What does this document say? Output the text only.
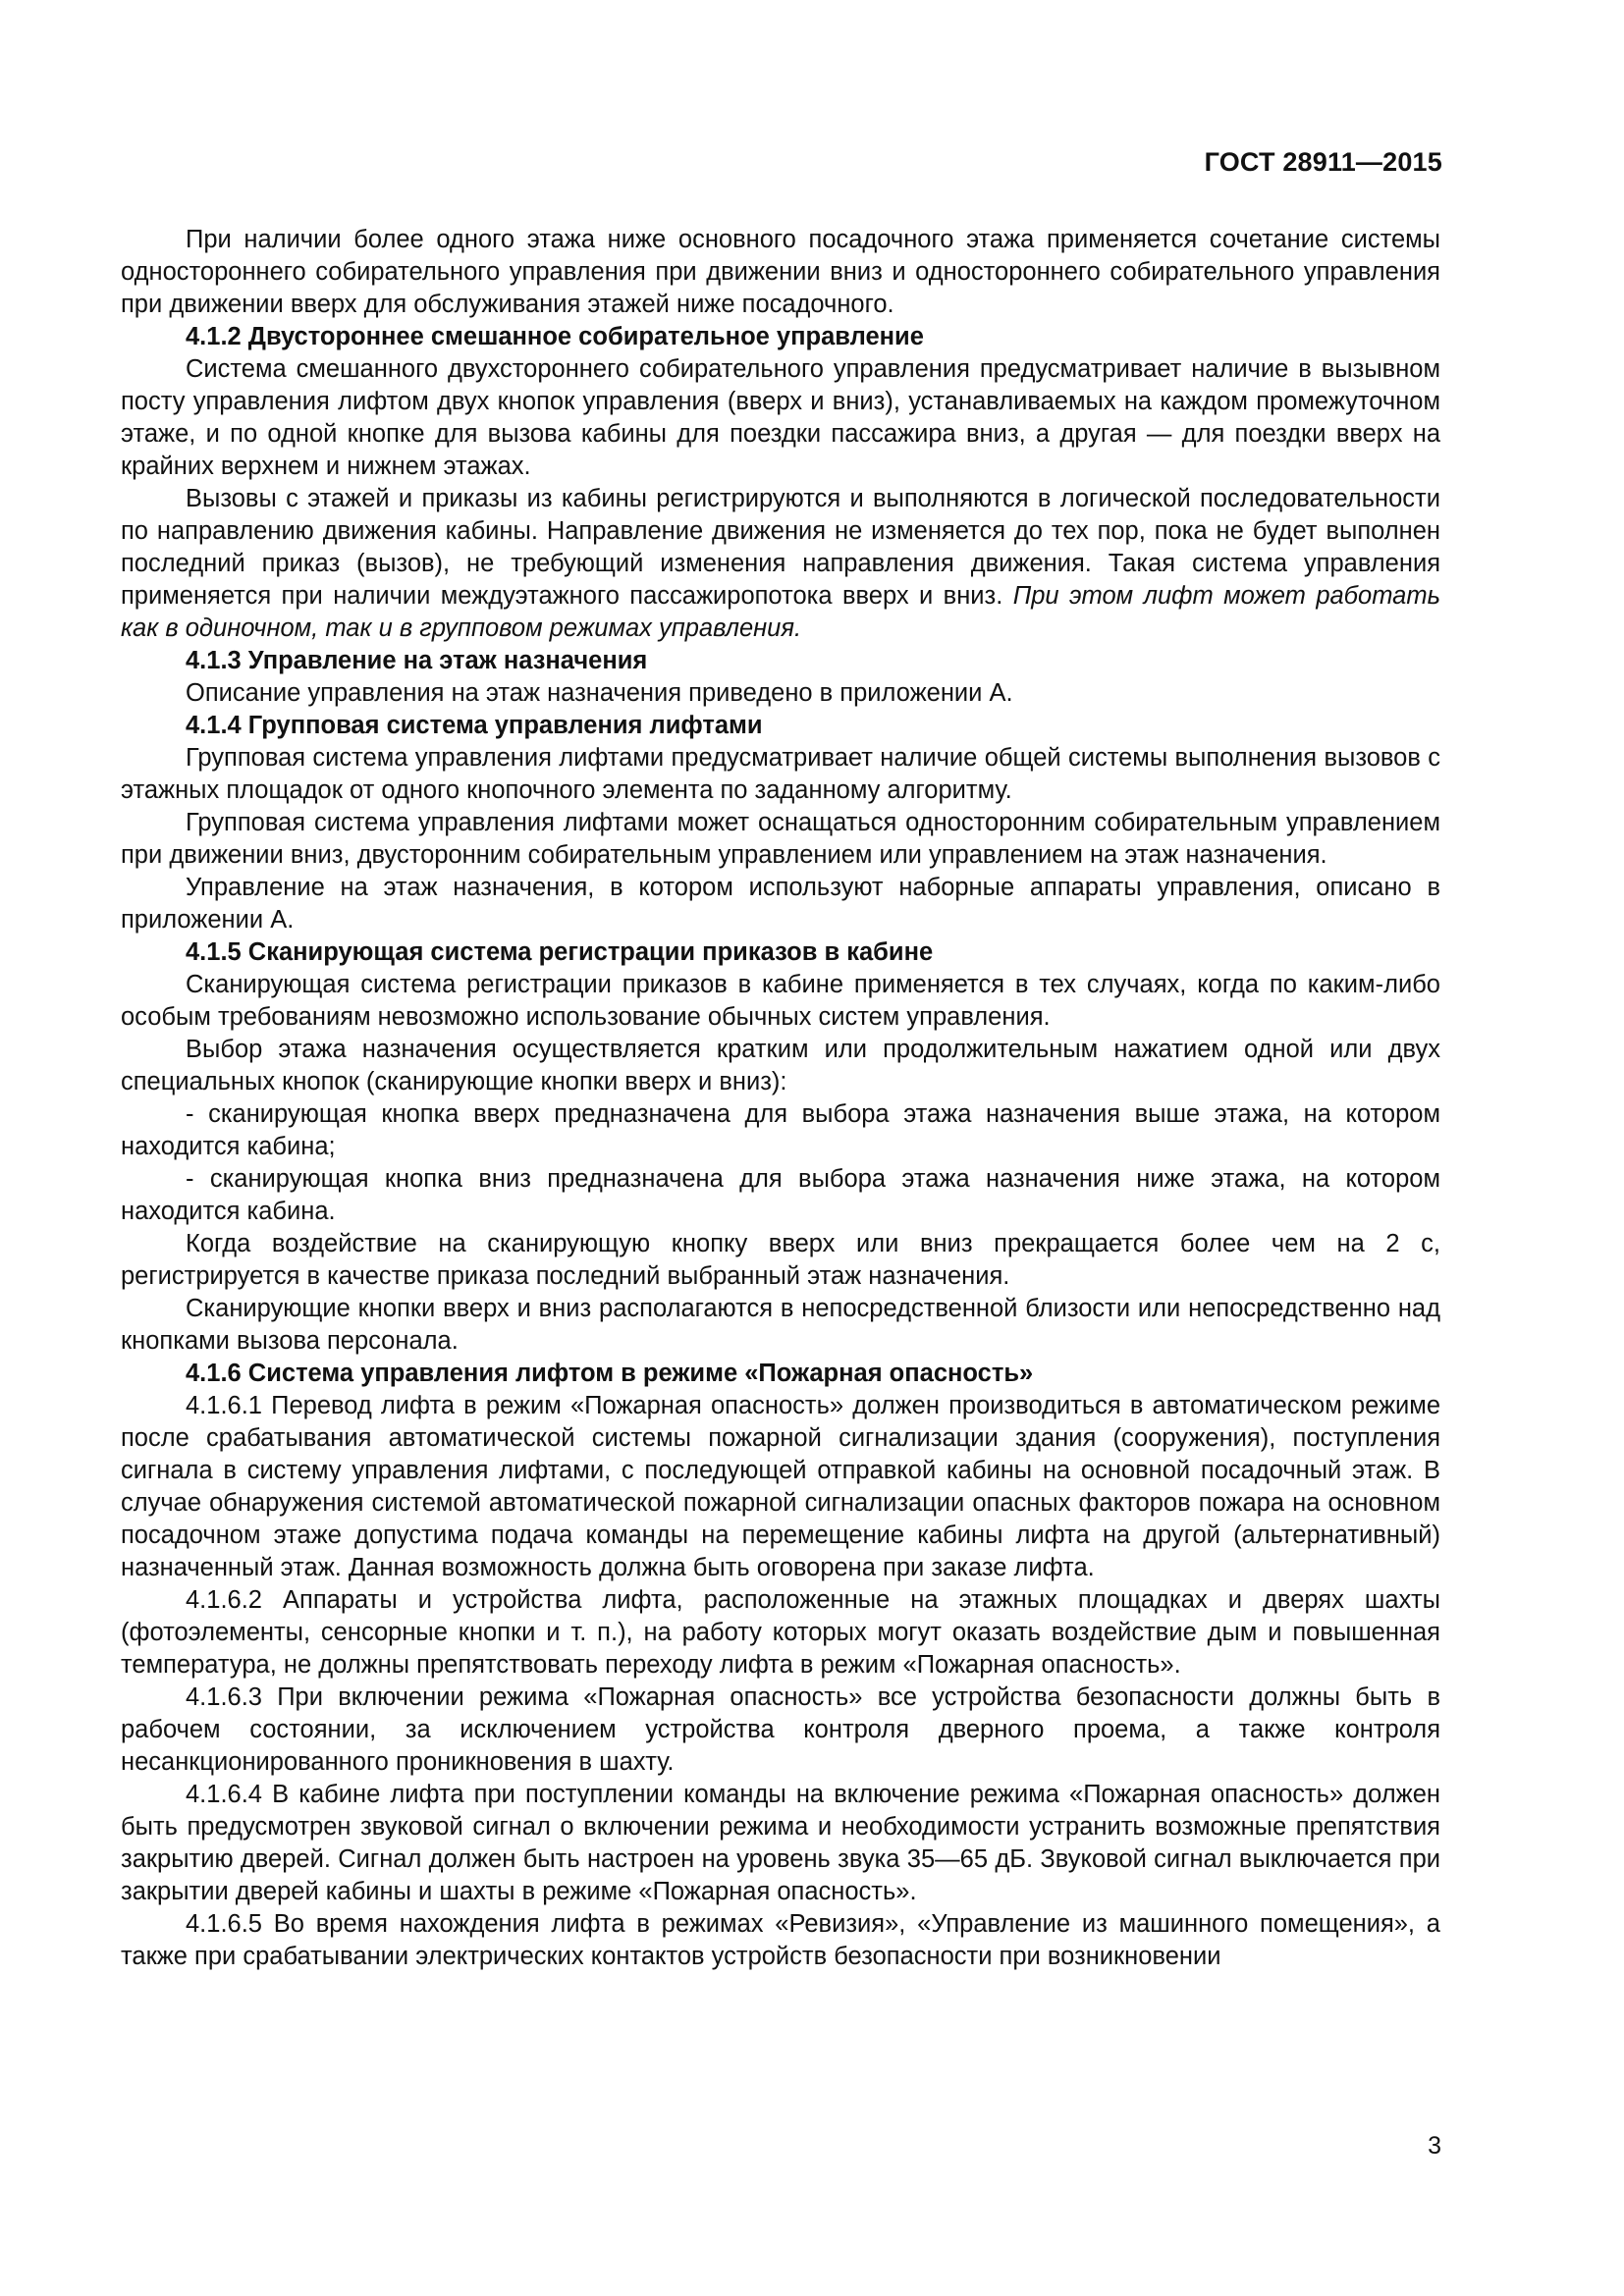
ГОСТ 28911—2015

При наличии более одного этажа ниже основного посадочного этажа применяется сочетание системы одностороннего собирательного управления при движении вниз и одностороннего собирательного управления при движении вверх для обслуживания этажей ниже посадочного.

4.1.2 Двустороннее смешанное собирательное управление

Система смешанного двухстороннего собирательного управления предусматривает наличие в вызывном посту управления лифтом двух кнопок управления (вверх и вниз), устанавливаемых на каждом промежуточном этаже, и по одной кнопке для вызова кабины для поездки пассажира вниз, а другая — для поездки вверх на крайних верхнем и нижнем этажах.

Вызовы с этажей и приказы из кабины регистрируются и выполняются в логической последовательности по направлению движения кабины. Направление движения не изменяется до тех пор, пока не будет выполнен последний приказ (вызов), не требующий изменения направления движения. Такая система управления применяется при наличии междуэтажного пассажиропотока вверх и вниз. При этом лифт может работать как в одиночном, так и в групповом режимах управления.

4.1.3 Управление на этаж назначения

Описание управления на этаж назначения приведено в приложении А.

4.1.4 Групповая система управления лифтами

Групповая система управления лифтами предусматривает наличие общей системы выполнения вызовов с этажных площадок от одного кнопочного элемента по заданному алгоритму.

Групповая система управления лифтами может оснащаться односторонним собирательным управлением при движении вниз, двусторонним собирательным управлением или управлением на этаж назначения.

Управление на этаж назначения, в котором используют наборные аппараты управления, описано в приложении А.

4.1.5 Сканирующая система регистрации приказов в кабине

Сканирующая система регистрации приказов в кабине применяется в тех случаях, когда по каким-либо особым требованиям невозможно использование обычных систем управления.

Выбор этажа назначения осуществляется кратким или продолжительным нажатием одной или двух специальных кнопок (сканирующие кнопки вверх и вниз):

- сканирующая кнопка вверх предназначена для выбора этажа назначения выше этажа, на котором находится кабина;

- сканирующая кнопка вниз предназначена для выбора этажа назначения ниже этажа, на котором находится кабина.

Когда воздействие на сканирующую кнопку вверх или вниз прекращается более чем на 2 с, регистрируется в качестве приказа последний выбранный этаж назначения.

Сканирующие кнопки вверх и вниз располагаются в непосредственной близости или непосредственно над кнопками вызова персонала.

4.1.6 Система управления лифтом в режиме «Пожарная опасность»

4.1.6.1 Перевод лифта в режим «Пожарная опасность» должен производиться в автоматическом режиме после срабатывания автоматической системы пожарной сигнализации здания (сооружения), поступления сигнала в систему управления лифтами, с последующей отправкой кабины на основной посадочный этаж. В случае обнаружения системой автоматической пожарной сигнализации опасных факторов пожара на основном посадочном этаже допустима подача команды на перемещение кабины лифта на другой (альтернативный) назначенный этаж. Данная возможность должна быть оговорена при заказе лифта.

4.1.6.2 Аппараты и устройства лифта, расположенные на этажных площадках и дверях шахты (фотоэлементы, сенсорные кнопки и т. п.), на работу которых могут оказать воздействие дым и повышенная температура, не должны препятствовать переходу лифта в режим «Пожарная опасность».

4.1.6.3 При включении режима «Пожарная опасность» все устройства безопасности должны быть в рабочем состоянии, за исключением устройства контроля дверного проема, а также контроля несанкционированного проникновения в шахту.

4.1.6.4 В кабине лифта при поступлении команды на включение режима «Пожарная опасность» должен быть предусмотрен звуковой сигнал о включении режима и необходимости устранить возможные препятствия закрытию дверей. Сигнал должен быть настроен на уровень звука 35—65 дБ. Звуковой сигнал выключается при закрытии дверей кабины и шахты в режиме «Пожарная опасность».

4.1.6.5 Во время нахождения лифта в режимах «Ревизия», «Управление из машинного помещения», а также при срабатывании электрических контактов устройств безопасности при возникновении

3
